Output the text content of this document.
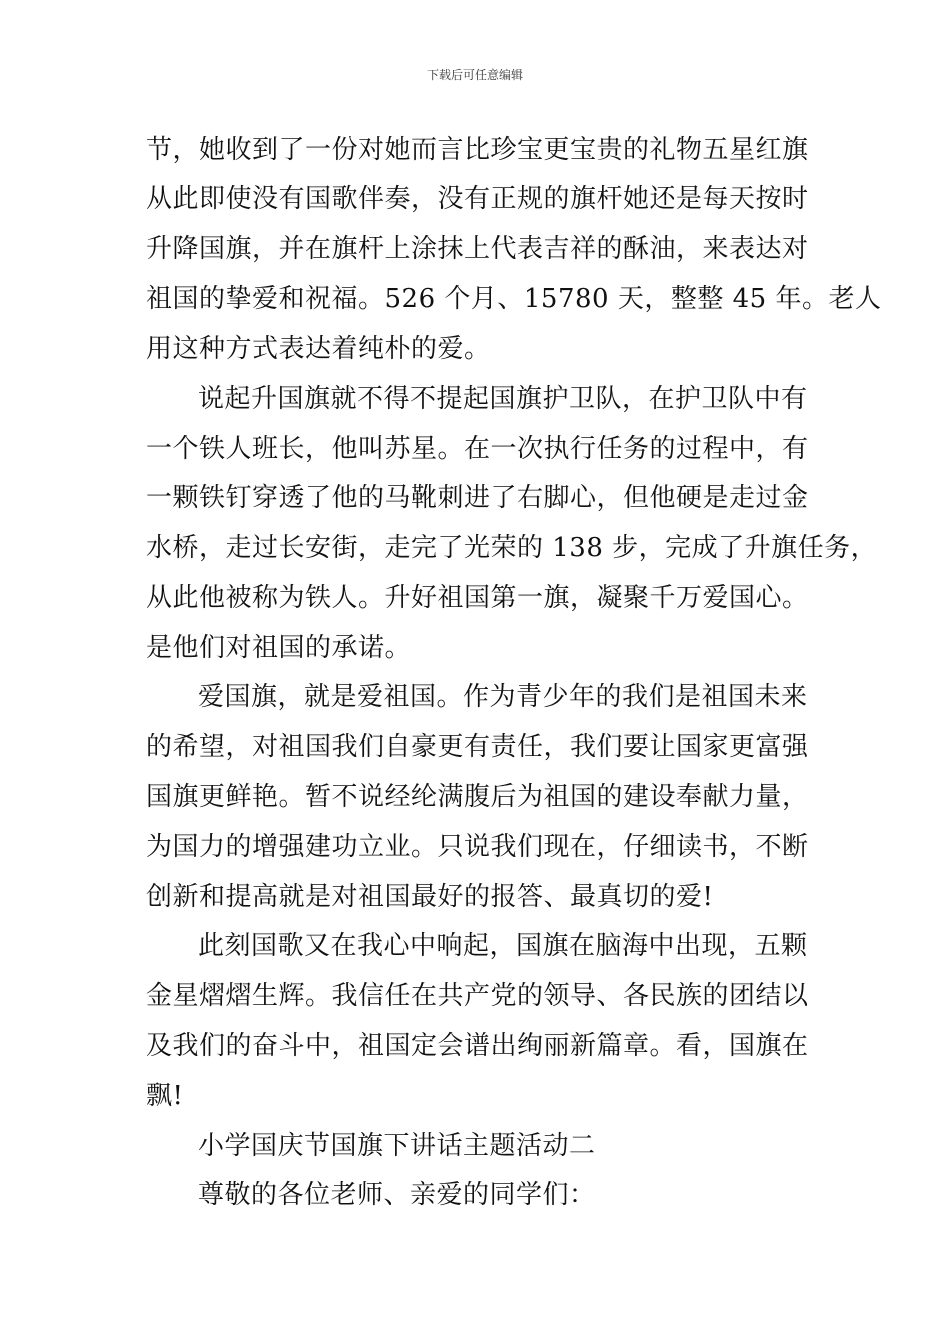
下载后可任意编辑
节，她收到了一份对她而言比珍宝更宝贵的礼物五星红旗
从此即使没有国歌伴奏，没有正规的旗杆她还是每天按时
升降国旗，并在旗杆上涂抹上代表吉祥的酥油，来表达对
祖国的挚爱和祝福。526 个月、15780 天，整整 45 年。老人
用这种方式表达着纯朴的爱。
说起升国旗就不得不提起国旗护卫队，在护卫队中有
一个铁人班长，他叫苏星。在一次执行任务的过程中，有
一颗铁钉穿透了他的马靴刺进了右脚心，但他硬是走过金
水桥，走过长安街，走完了光荣的 138 步，完成了升旗任务，
从此他被称为铁人。升好祖国第一旗，凝聚千万爱国心。
是他们对祖国的承诺。
爱国旗，就是爱祖国。作为青少年的我们是祖国未来
的希望，对祖国我们自豪更有责任，我们要让国家更富强
国旗更鲜艳。暂不说经纶满腹后为祖国的建设奉献力量，
为国力的增强建功立业。只说我们现在，仔细读书，不断
创新和提高就是对祖国最好的报答、最真切的爱!
此刻国歌又在我心中响起，国旗在脑海中出现，五颗
金星熠熠生辉。我信任在共产党的领导、各民族的团结以
及我们的奋斗中，祖国定会谱出绚丽新篇章。看，国旗在
飘!
小学国庆节国旗下讲话主题活动二
尊敬的各位老师、亲爱的同学们：
